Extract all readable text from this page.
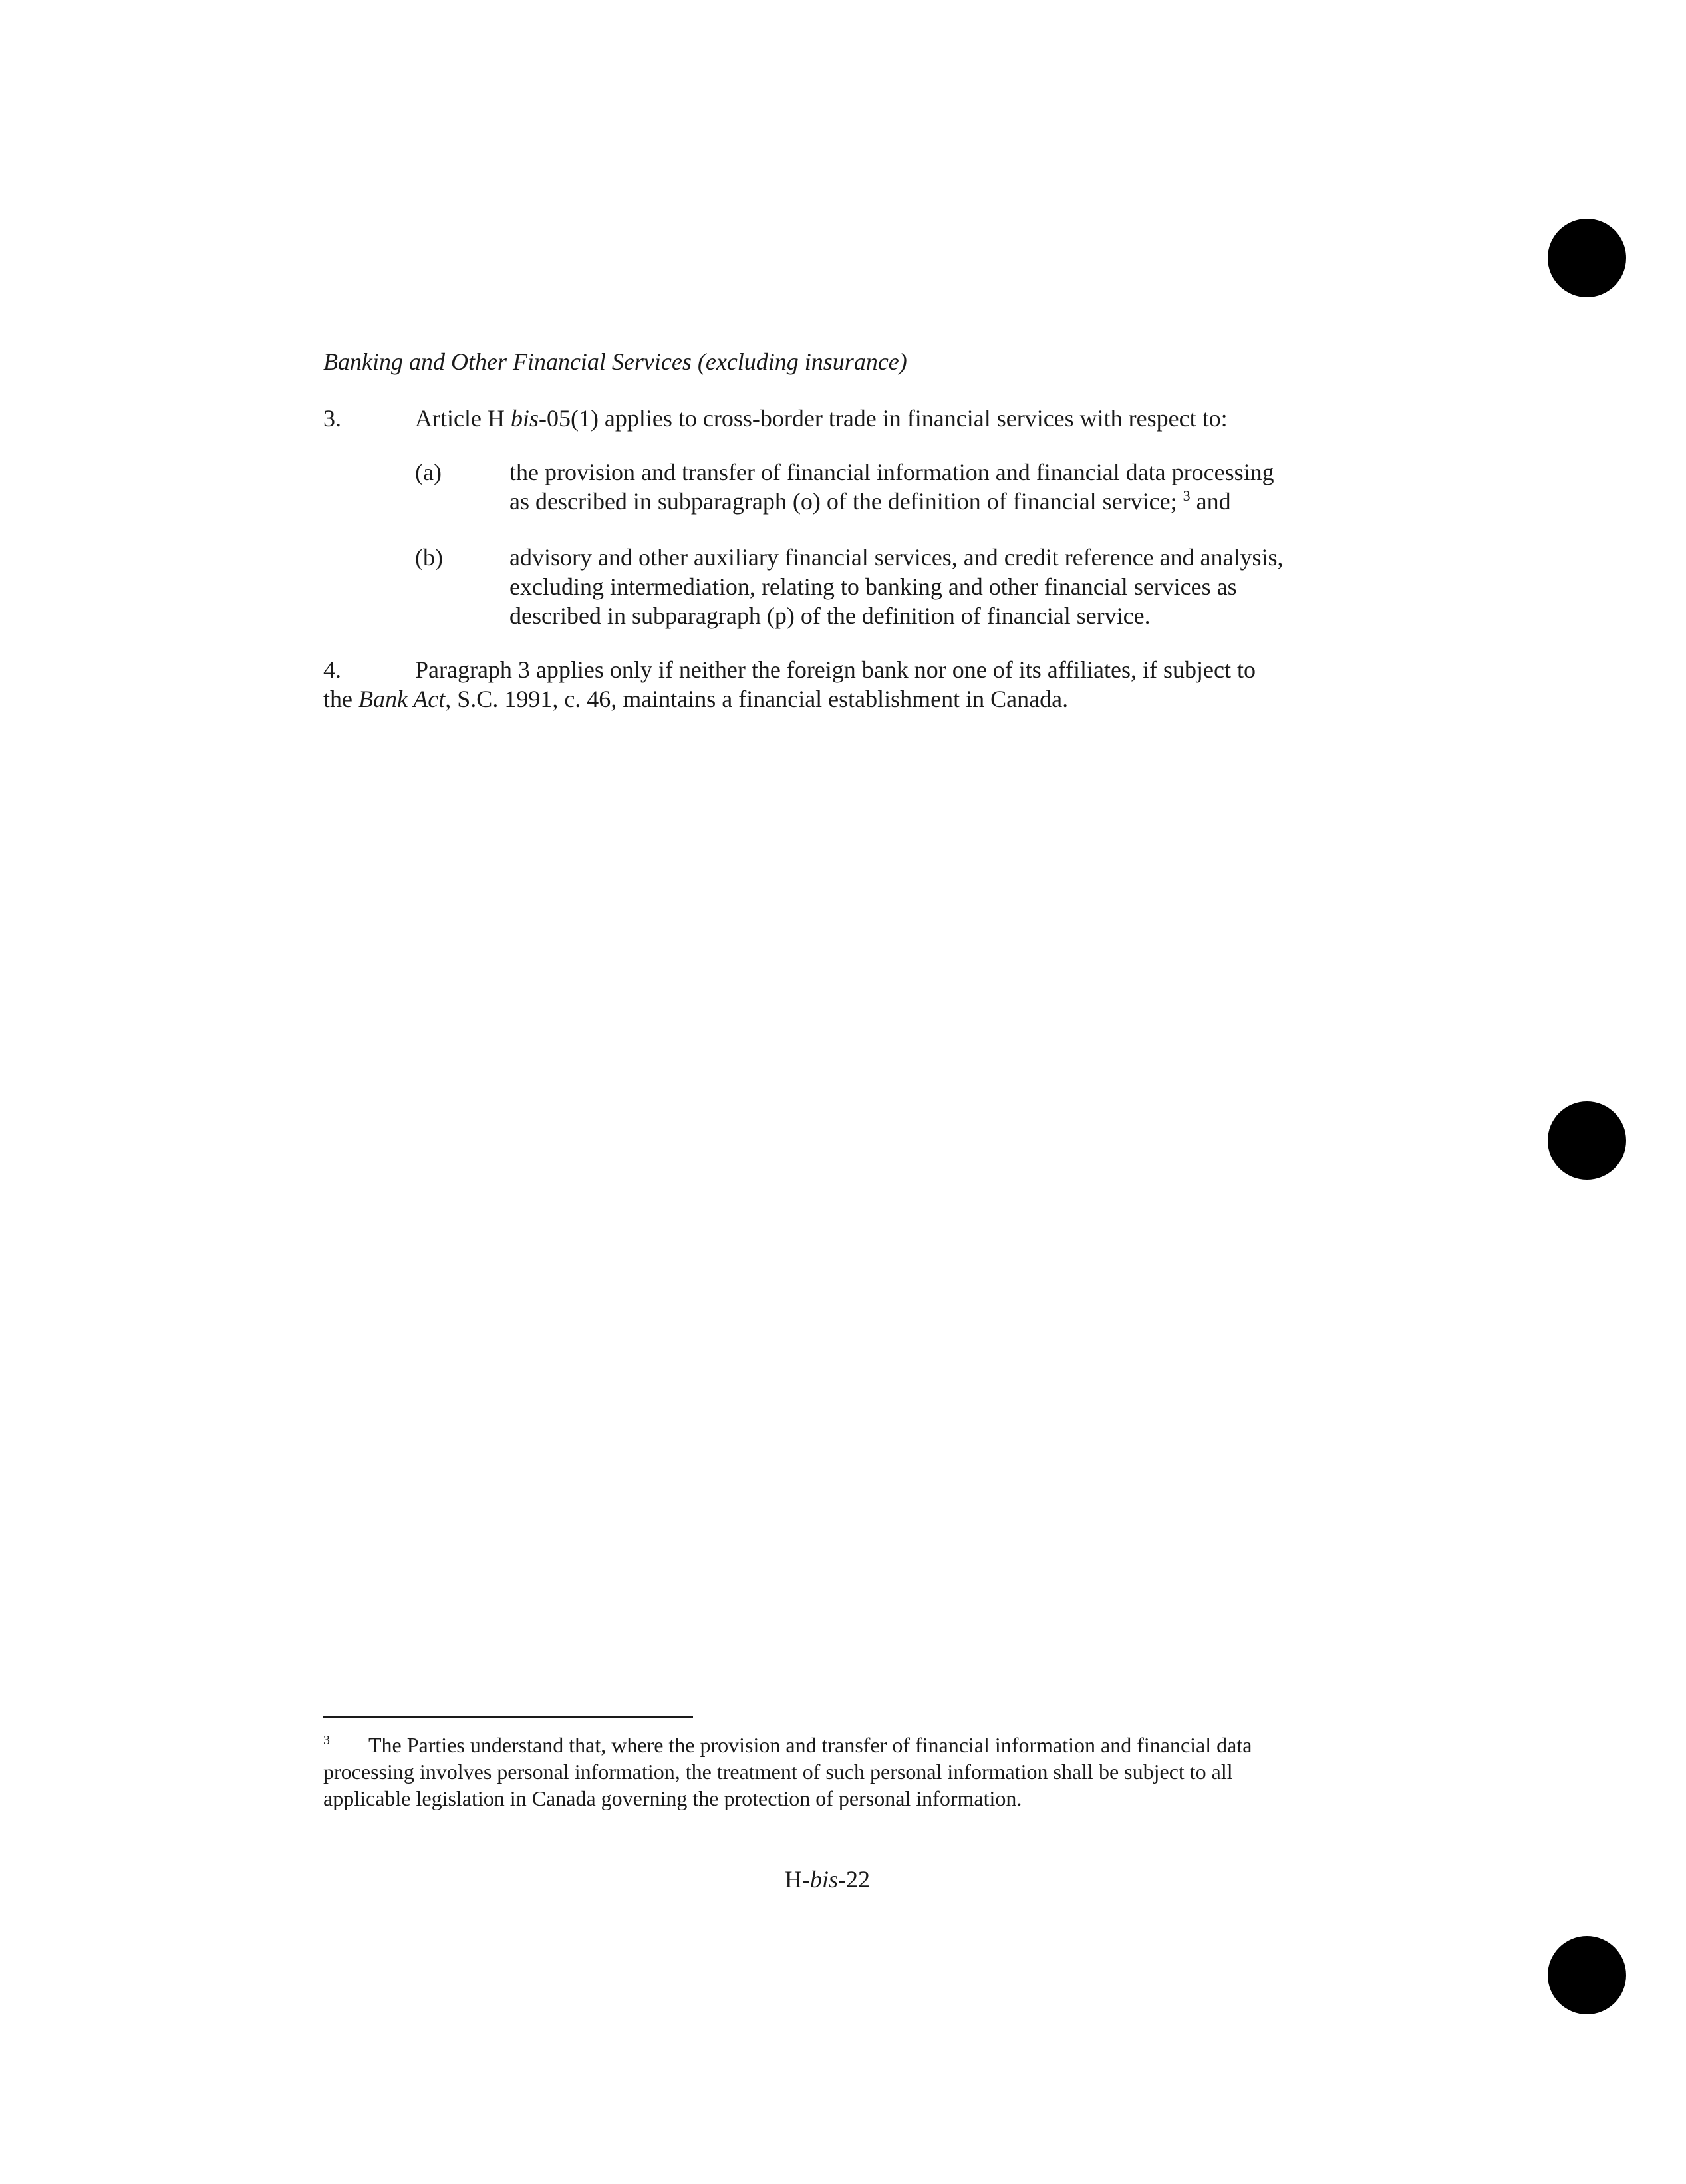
Banking and Other Financial Services (excluding insurance)
3.	Article H bis-05(1) applies to cross-border trade in financial services with respect to:
(a)	the provision and transfer of financial information and financial data processing
as described in subparagraph (o) of the definition of financial service; $^3$ and
(b)	advisory and other auxiliary financial services, and credit reference and analysis,
excluding intermediation, relating to banking and other financial services as
described in subparagraph (p) of the definition of financial service.
4.	Paragraph 3 applies only if neither the foreign bank nor one of its affiliates, if subject to
the Bank Act, S.C. 1991, c. 46, maintains a financial establishment in Canada.
3 The Parties understand that, where the provision and transfer of financial information and financial data
processing involves personal information, the treatment of such personal information shall be subject to all
applicable legislation in Canada governing the protection of personal information.
H-bis-22
